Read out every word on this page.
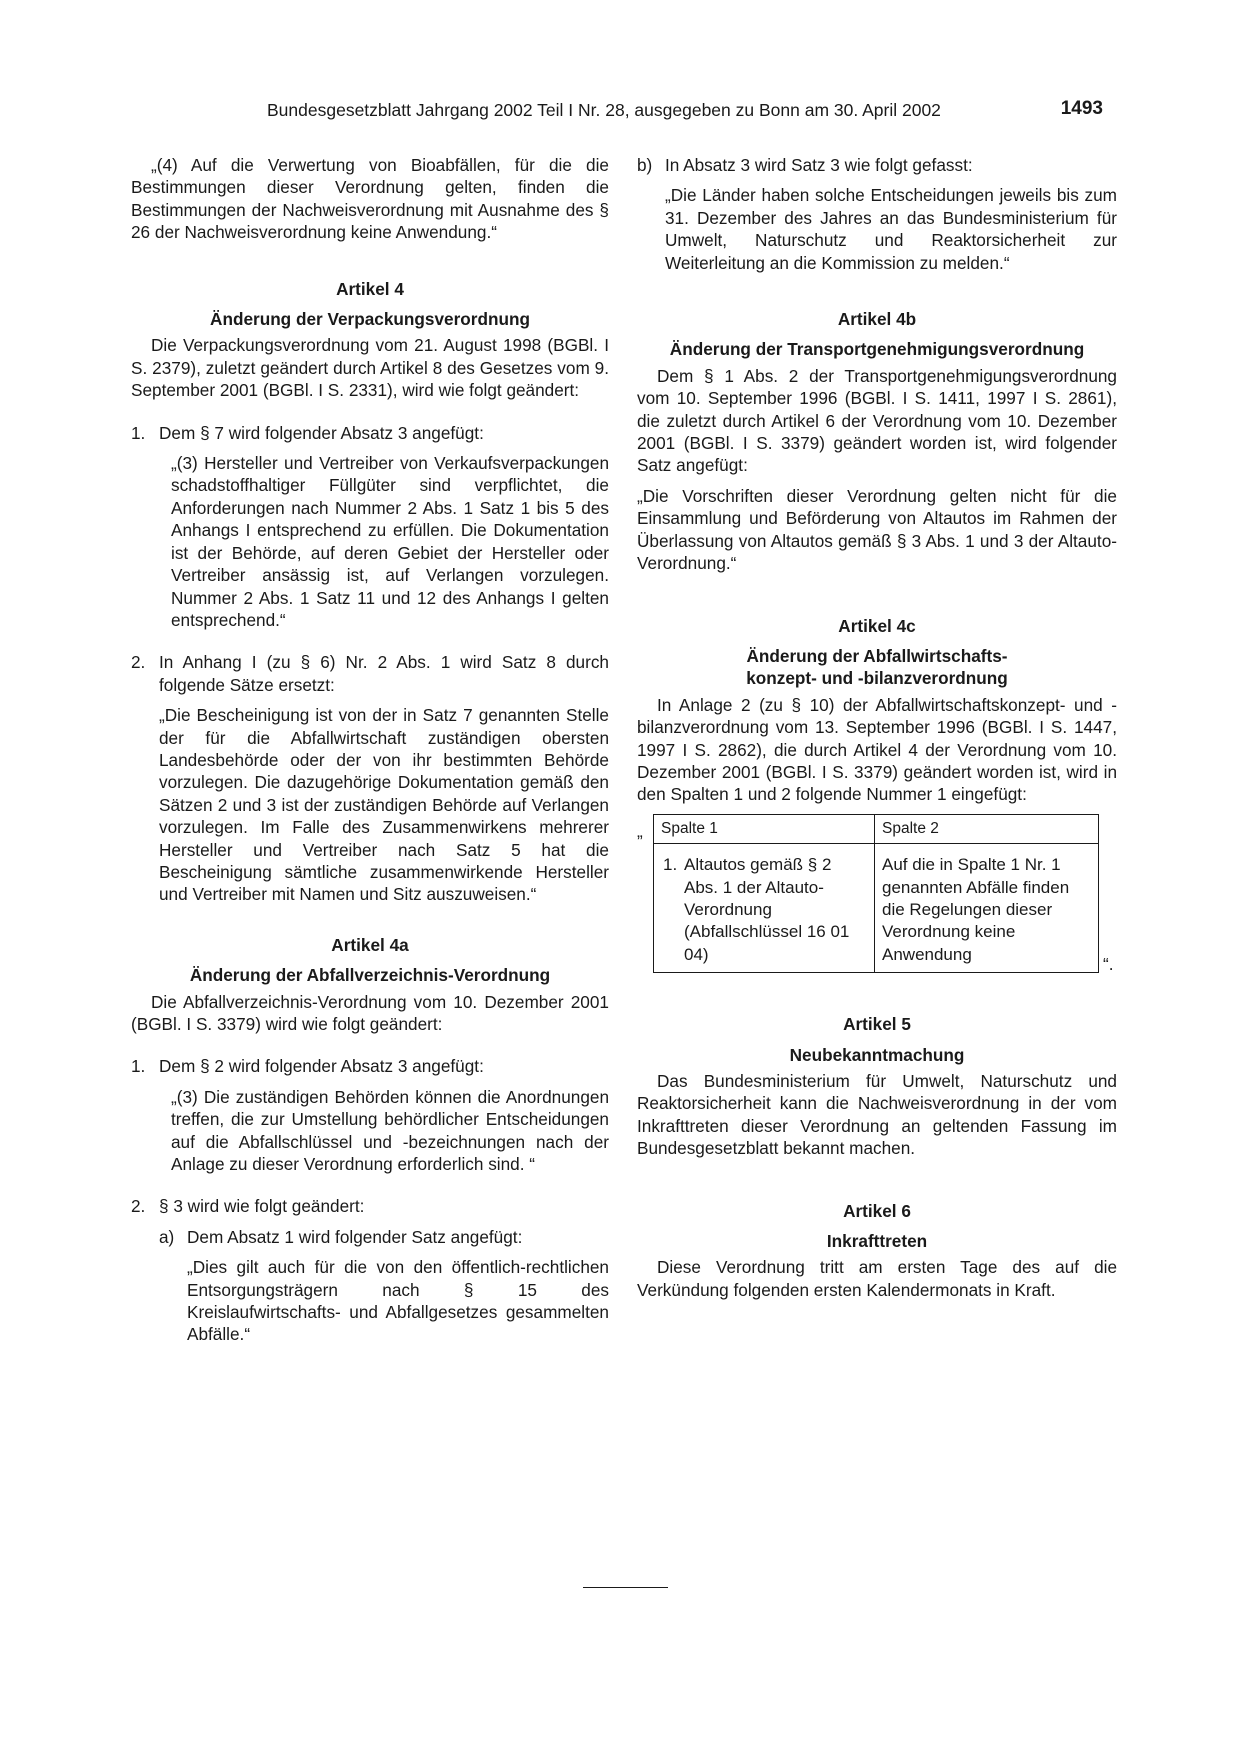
Bundesgesetzblatt Jahrgang 2002 Teil I Nr. 28, ausgegeben zu Bonn am 30. April 2002	1493

„(4) Auf die Verwertung von Bioabfällen, für die die Bestimmungen dieser Verordnung gelten, finden die Bestimmungen der Nachweisverordnung mit Ausnahme des § 26 der Nachweisverordnung keine Anwendung.“

Artikel 4

Änderung der Verpackungsverordnung

Die Verpackungsverordnung vom 21. August 1998 (BGBl. I S. 2379), zuletzt geändert durch Artikel 8 des Gesetzes vom 9. September 2001 (BGBl. I S. 2331), wird wie folgt geändert:

1. Dem § 7 wird folgender Absatz 3 angefügt:

„(3) Hersteller und Vertreiber von Verkaufsverpackungen schadstoffhaltiger Füllgüter sind verpflichtet, die Anforderungen nach Nummer 2 Abs. 1 Satz 1 bis 5 des Anhangs I entsprechend zu erfüllen. Die Dokumentation ist der Behörde, auf deren Gebiet der Hersteller oder Vertreiber ansässig ist, auf Verlangen vorzulegen. Nummer 2 Abs. 1 Satz 11 und 12 des Anhangs I gelten entsprechend.“

2. In Anhang I (zu § 6) Nr. 2 Abs. 1 wird Satz 8 durch folgende Sätze ersetzt:

„Die Bescheinigung ist von der in Satz 7 genannten Stelle der für die Abfallwirtschaft zuständigen obersten Landesbehörde oder der von ihr bestimmten Behörde vorzulegen. Die dazugehörige Dokumentation gemäß den Sätzen 2 und 3 ist der zuständigen Behörde auf Verlangen vorzulegen. Im Falle des Zusammenwirkens mehrerer Hersteller und Vertreiber nach Satz 5 hat die Bescheinigung sämtliche zusammenwirkende Hersteller und Vertreiber mit Namen und Sitz auszuweisen.“

Artikel 4a

Änderung der Abfallverzeichnis-Verordnung

Die Abfallverzeichnis-Verordnung vom 10. Dezember 2001 (BGBl. I S. 3379) wird wie folgt geändert:

1. Dem § 2 wird folgender Absatz 3 angefügt:

„(3) Die zuständigen Behörden können die Anordnungen treffen, die zur Umstellung behördlicher Entscheidungen auf die Abfallschlüssel und -bezeichnungen nach der Anlage zu dieser Verordnung erforderlich sind. “

2. § 3 wird wie folgt geändert:
a) Dem Absatz 1 wird folgender Satz angefügt:

„Dies gilt auch für die von den öffentlich-rechtlichen Entsorgungsträgern nach § 15 des Kreislaufwirtschafts- und Abfallgesetzes gesammelten Abfälle.“

b) In Absatz 3 wird Satz 3 wie folgt gefasst:

„Die Länder haben solche Entscheidungen jeweils bis zum 31. Dezember des Jahres an das Bundesministerium für Umwelt, Naturschutz und Reaktorsicherheit zur Weiterleitung an die Kommission zu melden.“

Artikel 4b

Änderung der Transportgenehmigungsverordnung

Dem § 1 Abs. 2 der Transportgenehmigungsverordnung vom 10. September 1996 (BGBl. I S. 1411, 1997 I S. 2861), die zuletzt durch Artikel 6 der Verordnung vom 10. Dezember 2001 (BGBl. I S. 3379) geändert worden ist, wird folgender Satz angefügt:

„Die Vorschriften dieser Verordnung gelten nicht für die Einsammlung und Beförderung von Altautos im Rahmen der Überlassung von Altautos gemäß § 3 Abs. 1 und 3 der Altauto-Verordnung.“

Artikel 4c

Änderung der Abfallwirtschafts-

konzept- und -bilanzverordnung

In Anlage 2 (zu § 10) der Abfallwirtschaftskonzept- und -bilanzverordnung vom 13. September 1996 (BGBl. I S. 1447, 1997 I S. 2862), die durch Artikel 4 der Verordnung vom 10. Dezember 2001 (BGBl. I S. 3379) geändert worden ist, wird in den Spalten 1 und 2 folgende Nummer 1 eingefügt:

„ Spalte 1	Spalte 2

1. Altautos gemäß § 2 Abs. 1 der Altauto-Verordnung (Abfallschlüssel 16 01 04)	Auf die in Spalte 1 Nr. 1 genannten Abfälle finden die Regelungen dieser Verordnung keine Anwendung	“.

Artikel 5

Neubekanntmachung

Das Bundesministerium für Umwelt, Naturschutz und Reaktorsicherheit kann die Nachweisverordnung in der vom Inkrafttreten dieser Verordnung an geltenden Fassung im Bundesgesetzblatt bekannt machen.

Artikel 6

Inkrafttreten

Diese Verordnung tritt am ersten Tage des auf die Verkündung folgenden ersten Kalendermonats in Kraft.
